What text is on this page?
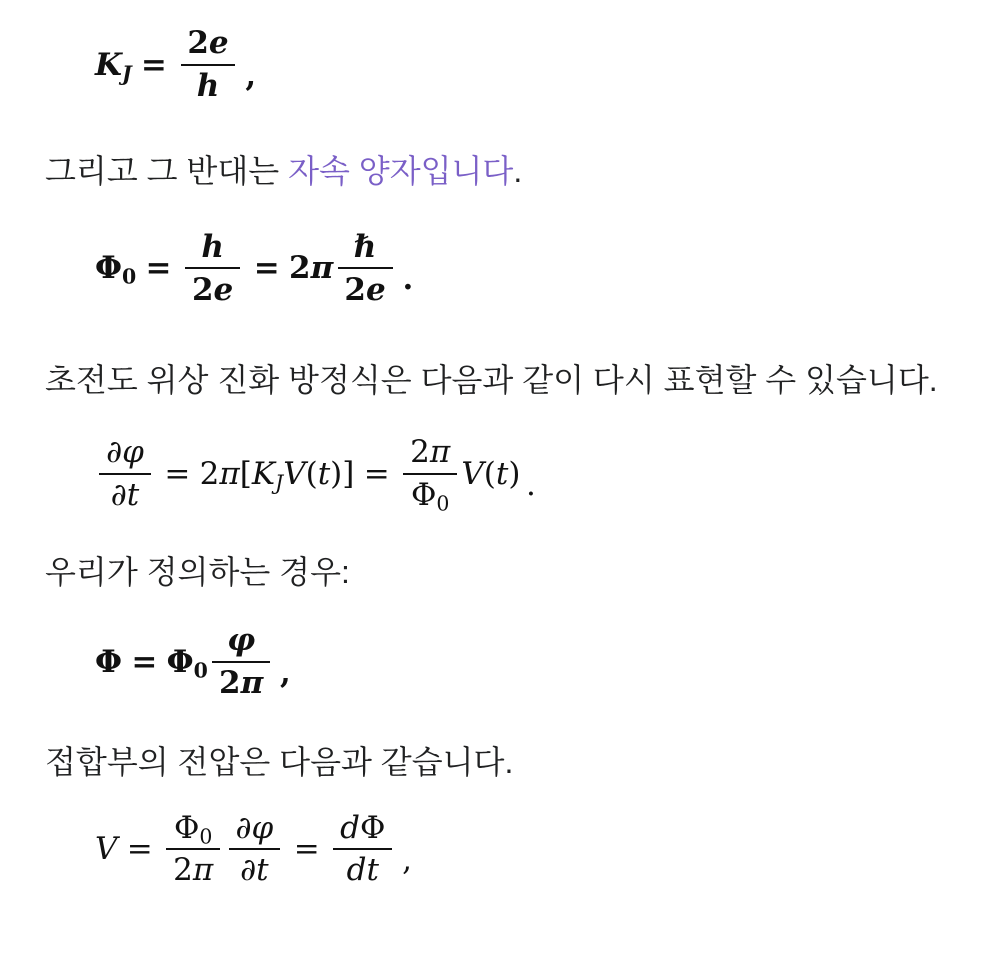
$K_J = \frac{2e}{h}$ ,

그리고 그 반대는 자속 양자입니다.

$\Phi_0 = \frac{h}{2e} = 2\pi \frac{\text{ℏ}}{2e}$ .

초전도 위상 진화 방정식은 다음과 같이 다시 표현할 수 있습니다.

$\frac{\partial\varphi}{\partial t} = 2\pi[K_JV(t)] = \frac{2\pi}{\Phi_0} V(t)$ .

우리가 정의하는 경우:

$\Phi = \Phi_0 \frac{\varphi}{2\pi}$ ,

접합부의 전압은 다음과 같습니다.

$V = \frac{\Phi_0}{2\pi} \frac{\partial\varphi}{\partial t} = \frac{d\Phi}{dt}$ ,
